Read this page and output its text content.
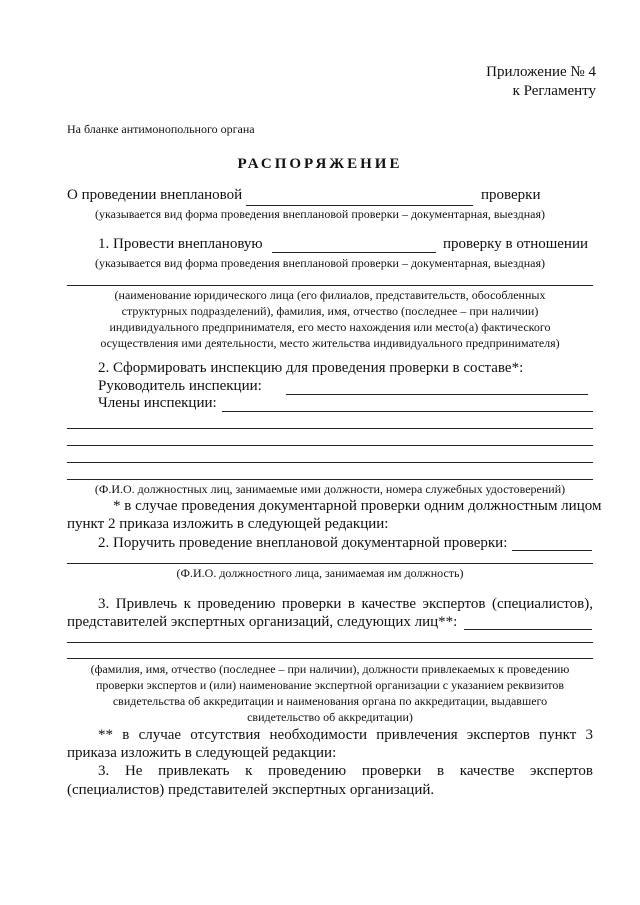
Приложение № 4
к Регламенту
На бланке антимонопольного органа
РАСПОРЯЖЕНИЕ
О проведении внеплановой	проверки
(указывается вид форма проведения внеплановой проверки – документарная, выездная)
1. Провести внеплановую	проверку в отношении
(указывается вид форма проведения внеплановой проверки – документарная, выездная)
(наименование юридического лица (его филиалов, представительств, обособленных
структурных подразделений), фамилия, имя, отчество (последнее – при наличии)
индивидуального предпринимателя, его место нахождения или место(а) фактического
осуществления ими деятельности, место жительства индивидуального предпринимателя)
2. Сформировать инспекцию для проведения проверки в составе*:
Руководитель инспекции:
Члены инспекции:
(Ф.И.О. должностных лиц, занимаемые ими должности, номера служебных удостоверений)
* в случае проведения документарной проверки одним должностным лицом
пункт 2 приказа изложить в следующей редакции:
2. Поручить проведение внеплановой документарной проверки:
(Ф.И.О. должностного лица, занимаемая им должность)
3. Привлечь к проведению проверки в качестве экспертов (специалистов),
представителей экспертных организаций, следующих лиц**:
(фамилия, имя, отчество (последнее – при наличии), должности привлекаемых к проведению
проверки экспертов и (или) наименование экспертной организации с указанием реквизитов
свидетельства об аккредитации и наименования органа по аккредитации, выдавшего
свидетельство об аккредитации)
** в случае отсутствия необходимости привлечения экспертов пункт 3
приказа изложить в следующей редакции:
3. Не привлекать к проведению проверки в качестве экспертов
(специалистов) представителей экспертных организаций.
